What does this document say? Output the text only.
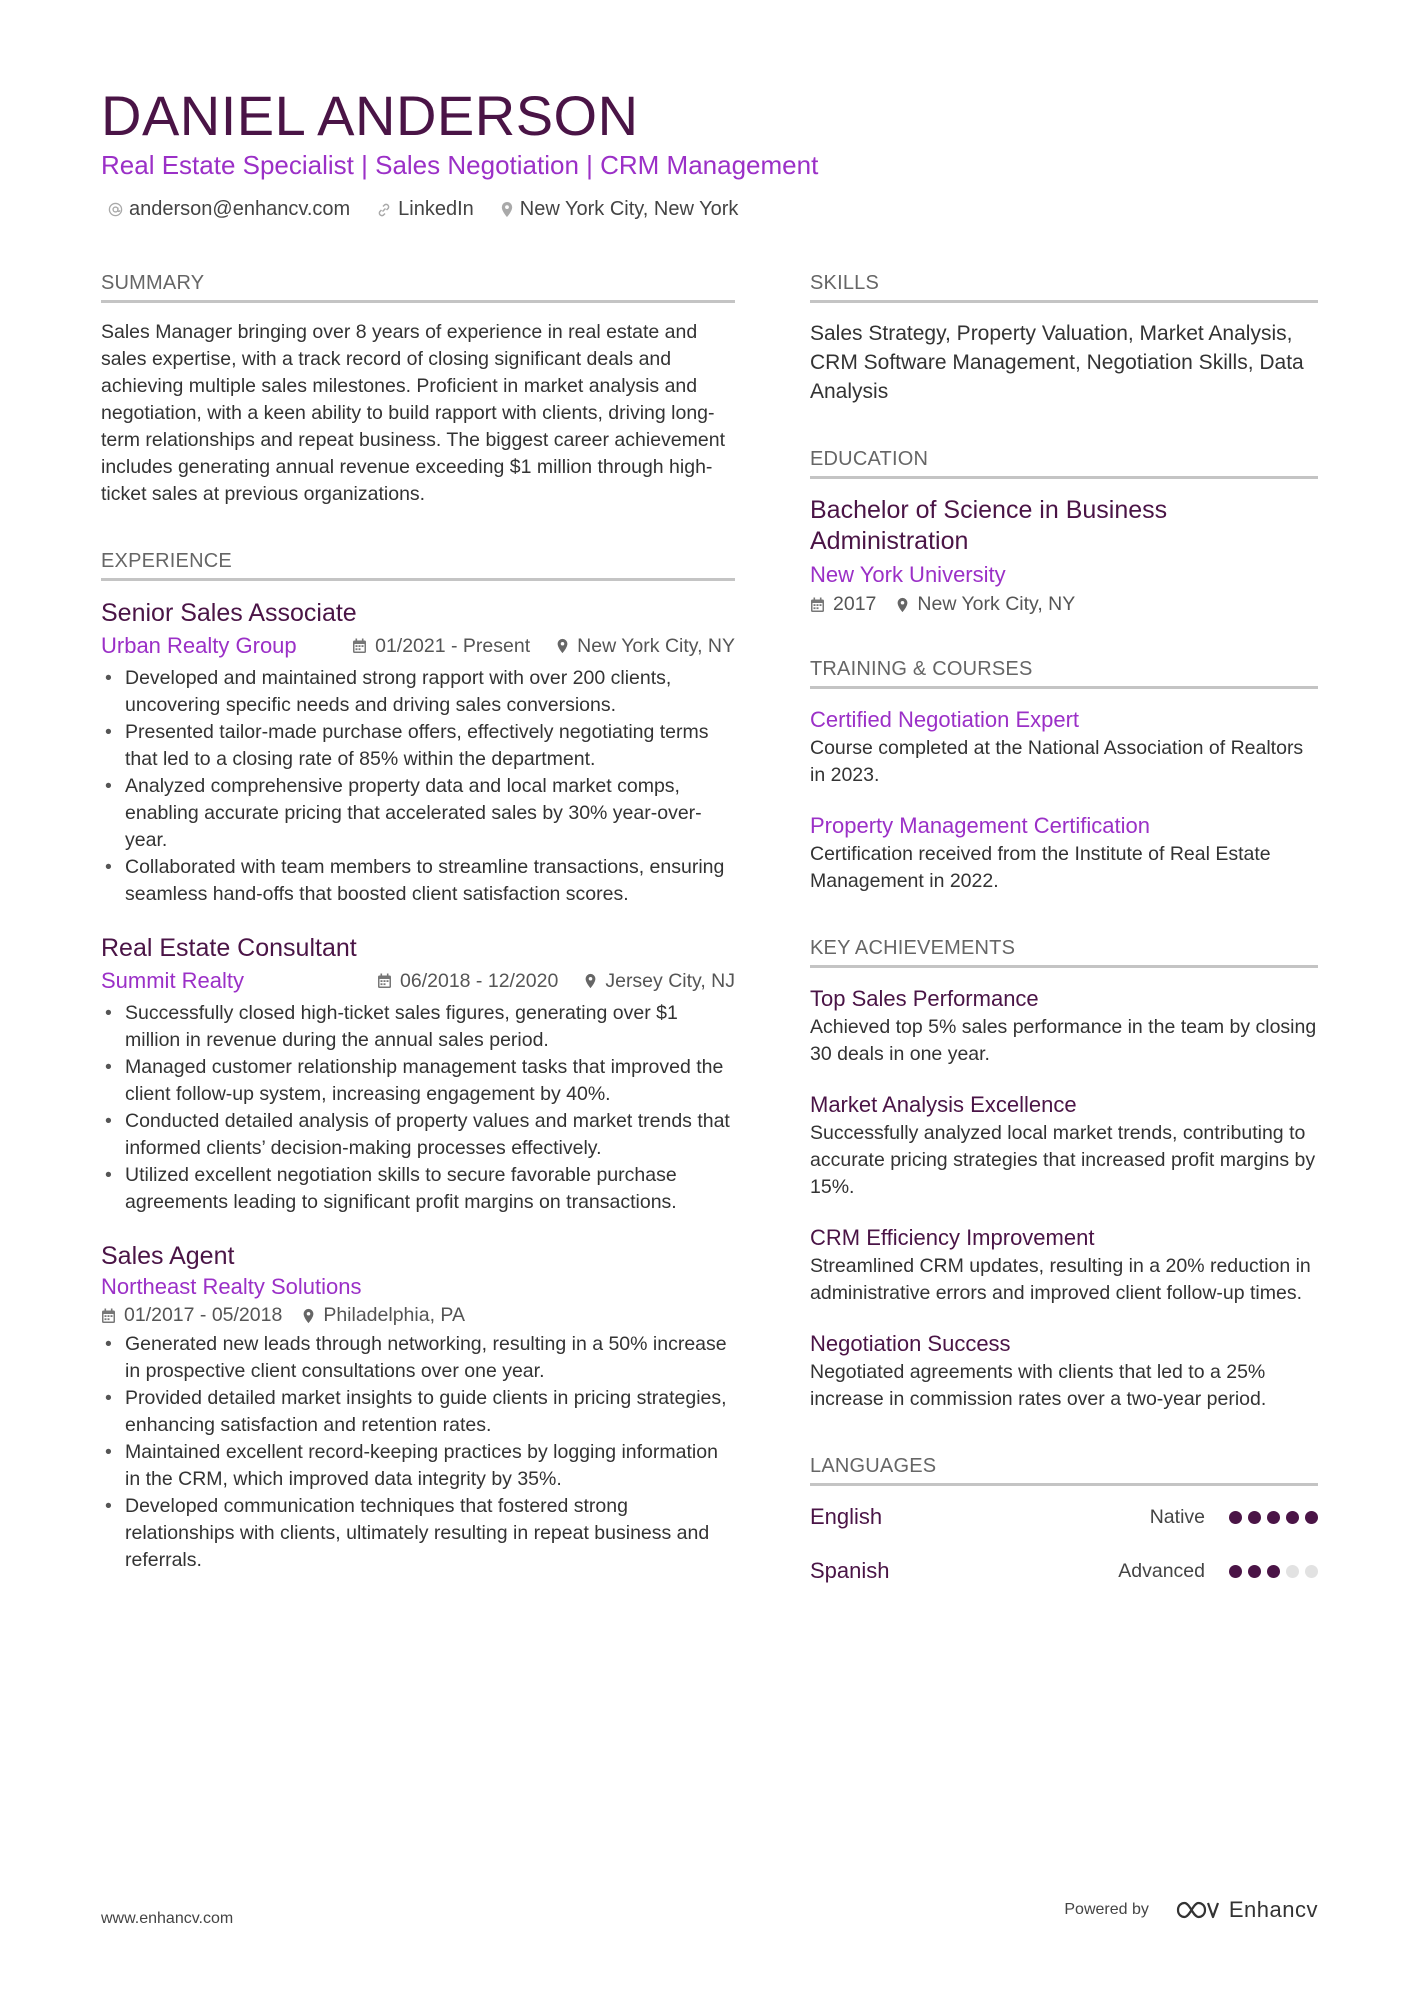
DANIEL ANDERSON
Real Estate Specialist | Sales Negotiation | CRM Management
anderson@enhancv.com LinkedIn New York City, New York
SUMMARY

Sales Manager bringing over 8 years of experience in real estate and sales expertise, with a track record of closing significant deals and achieving multiple sales milestones. Proficient in market analysis and negotiation, with a keen ability to build rapport with clients, driving long-term relationships and repeat business. The biggest career achievement includes generating annual revenue exceeding $1 million through high-ticket sales at previous organizations.

EXPERIENCE
Senior Sales Associate
Urban Realty Group	01/2021 - Present New York City, NY
• Developed and maintained strong rapport with over 200 clients, uncovering specific needs and driving sales conversions.
• Presented tailor-made purchase offers, effectively negotiating terms that led to a closing rate of 85% within the department.
• Analyzed comprehensive property data and local market comps, enabling accurate pricing that accelerated sales by 30% year-over-year.
• Collaborated with team members to streamline transactions, ensuring seamless hand-offs that boosted client satisfaction scores.
Real Estate Consultant
Summit Realty	06/2018 - 12/2020 Jersey City, NJ
• Successfully closed high-ticket sales figures, generating over $1 million in revenue during the annual sales period.
• Managed customer relationship management tasks that improved the client follow-up system, increasing engagement by 40%.
• Conducted detailed analysis of property values and market trends that informed clients’ decision-making processes effectively.
• Utilized excellent negotiation skills to secure favorable purchase agreements leading to significant profit margins on transactions.
Sales Agent
Northeast Realty Solutions
01/2017 - 05/2018 Philadelphia, PA
• Generated new leads through networking, resulting in a 50% increase in prospective client consultations over one year.
• Provided detailed market insights to guide clients in pricing strategies, enhancing satisfaction and retention rates.
• Maintained excellent record-keeping practices by logging information in the CRM, which improved data integrity by 35%.
• Developed communication techniques that fostered strong relationships with clients, ultimately resulting in repeat business and referrals.
SKILLS

Sales Strategy, Property Valuation, Market Analysis, CRM Software Management, Negotiation Skills, Data Analysis

EDUCATION
Bachelor of Science in Business Administration
New York University
2017 New York City, NY
TRAINING & COURSES
Certified Negotiation Expert

Course completed at the National Association of Realtors in 2023.

Property Management Certification

Certification received from the Institute of Real Estate Management in 2022.

KEY ACHIEVEMENTS
Top Sales Performance

Achieved top 5% sales performance in the team by closing 30 deals in one year.

Market Analysis Excellence

Successfully analyzed local market trends, contributing to accurate pricing strategies that increased profit margins by 15%.

CRM Efficiency Improvement

Streamlined CRM updates, resulting in a 20% reduction in administrative errors and improved client follow-up times.

Negotiation Success

Negotiated agreements with clients that led to a 25% increase in commission rates over a two-year period.

LANGUAGES
English	Native
Spanish	Advanced
www.enhancv.com
Powered by	Enhancv
